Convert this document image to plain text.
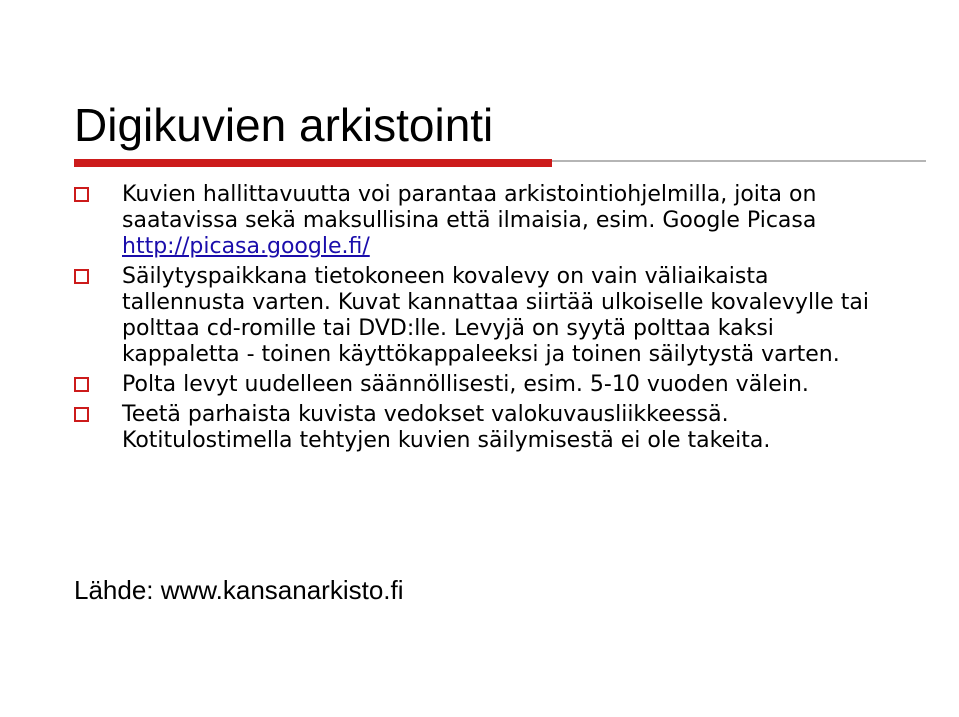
Digikuvien arkistointi
Kuvien hallittavuutta voi parantaa arkistointiohjelmilla, joita on saatavissa sekä maksullisina että ilmaisia, esim. Google Picasa http://picasa.google.fi/
Säilytyspaikkana tietokoneen kovalevy on vain väliaikaista tallennusta varten. Kuvat kannattaa siirtää ulkoiselle kovalevylle tai polttaa cd-romille tai DVD:lle. Levyjä on syytä polttaa kaksi kappaletta - toinen käyttökappaleeksi ja toinen säilytystä varten.
Polta levyt uudelleen säännöllisesti, esim. 5-10 vuoden välein.
Teetä parhaista kuvista vedokset valokuvausliikkeessä. Kotitulostimella tehtyjen kuvien säilymisestä ei ole takeita.
Lähde: www.kansanarkisto.fi
